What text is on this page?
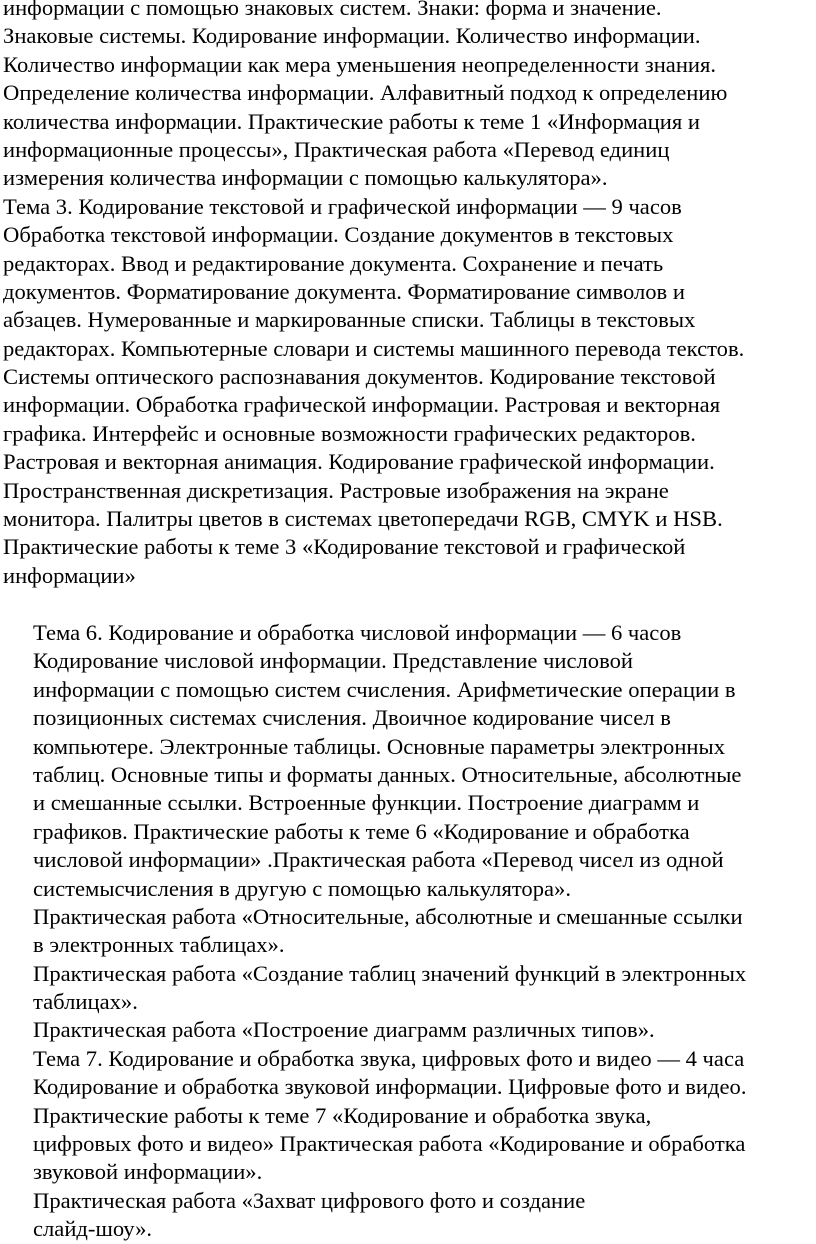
информации с помощью знаковых систем. Знаки: форма и значение.
Знаковые системы. Кодирование информации. Количество информации.
Количество информации как мера уменьшения неопределенности знания.
Определение количества информации. Алфавитный подход к определению
количества информации. Практические работы к теме 1 «Информация и
информационные процессы», Практическая работа «Перевод единиц
измерения количества информации с помощью калькулятора».
Тема 3. Кодирование текстовой и графической информации — 9 часов
Обработка текстовой информации. Создание документов в текстовых
редакторах. Ввод и редактирование документа. Сохранение и печать
документов. Форматирование документа. Форматирование символов и
абзацев. Нумерованные и маркированные списки. Таблицы в текстовых
редакторах. Компьютерные словари и системы машинного перевода текстов.
Системы оптического распознавания документов. Кодирование текстовой
информации. Обработка графической информации. Растровая и векторная
графика. Интерфейс и основные возможности графических редакторов.
Растровая и векторная анимация. Кодирование графической информации.
Пространственная дискретизация. Растровые изображения на экране
монитора. Палитры цветов в системах цветопередачи RGB, CMYK и HSB.
Практические работы к теме 3 «Кодирование текстовой и графической
информации»
Тема 6. Кодирование и обработка числовой информации — 6 часов
Кодирование числовой информации. Представление числовой
информации с помощью систем счисления. Арифметические операции в
позиционных системах счисления. Двоичное кодирование чисел в
компьютере. Электронные таблицы. Основные параметры электронных
таблиц. Основные типы и форматы данных. Относительные, абсолютные
и смешанные ссылки. Встроенные функции. Построение диаграмм и
графиков. Практические работы к теме 6 «Кодирование и обработка
числовой информации» .Практическая работа «Перевод чисел из одной
системысчисления в другую с помощью калькулятора».
Практическая работа «Относительные, абсолютные и смешанные ссылки
в электронных таблицах».
Практическая работа «Создание таблиц значений функций в электронных
таблицах».
Практическая работа «Построение диаграмм различных типов».
Тема 7. Кодирование и обработка звука, цифровых фото и видео — 4 часа
Кодирование и обработка звуковой информации. Цифровые фото и видео.
Практические работы к теме 7 «Кодирование и обработка звука,
цифровых фото и видео» Практическая работа «Кодирование и обработка
звуковой информации».
Практическая работа «Захват цифрового фото и создание
слайд-шоу».
